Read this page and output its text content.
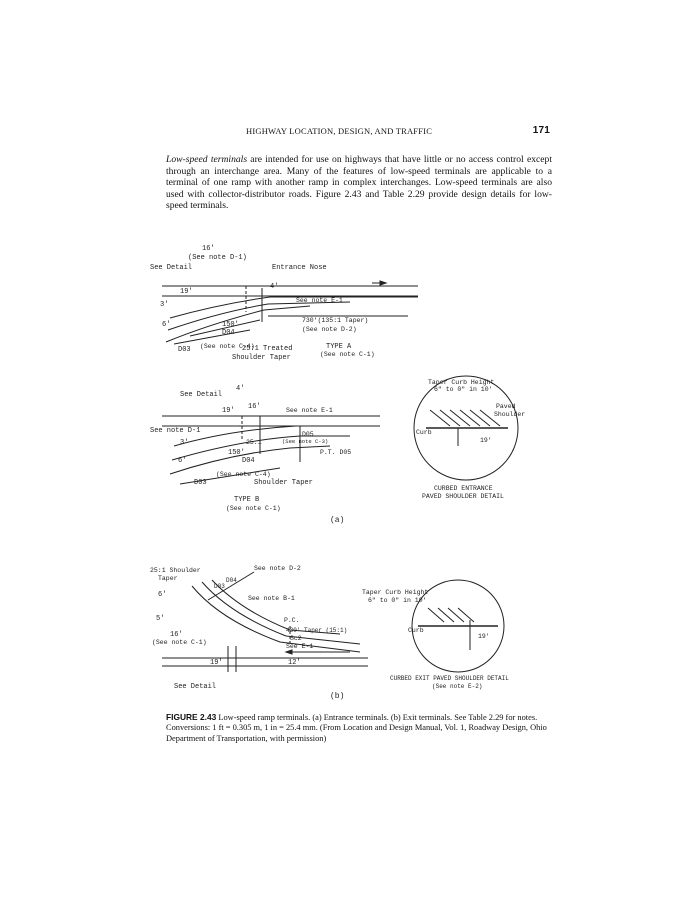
HIGHWAY LOCATION, DESIGN, AND TRAFFIC	171
Low-speed terminals are intended for use on highways that have little or no access control except through an interchange area. Many of the features of low-speed terminals are applicable to a terminal of one ramp with another ramp in complex interchanges. Low-speed terminals are also used with collector-distributor roads. Figure 2.43 and Table 2.29 provide design details for low-speed terminals.
16'
(See note D-1)
See Detail	Entrance Nose
19'
4'
3'
See note E-1
6'	150'
D04
(See note C-4)
730'(135:1 Taper)
(See note D-2)
D03	25:1 Treated
Shoulder Taper
TYPE A
(See note C-1)
See Detail
4'
16'
19'	See note E-1
See note D-1
3'
D05
(See note C-3)
25:1
P.T. D05
150'
D04
6'
(See note C-4)
D03	Shoulder Taper
TYPE B
(See note C-1)
Taper Curb Height
6" to 0" in 10'
Paved
Shoulder
Curb
19'
CURBED ENTRANCE
PAVED SHOULDER DETAIL
(a)
25:1 Shoulder
Taper
See note D-2
6'
D03
D04
See note B-1
P.C.
5'
16'
(See note C-1)
430' Taper (15:1)
Sc2
See E-1
19'	12'
See Detail
Taper Curb Height
6" to 0" in 10'
Curb
19'
CURBED EXIT PAVED SHOULDER DETAIL
(See note E-2)
(b)
FIGURE 2.43 Low-speed ramp terminals. (a) Entrance terminals. (b) Exit terminals. See Table 2.29 for notes. Conversions: 1 ft = 0.305 m, 1 in = 25.4 mm. (From Location and Design Manual, Vol. 1, Roadway Design, Ohio Department of Transportation, with permission)
